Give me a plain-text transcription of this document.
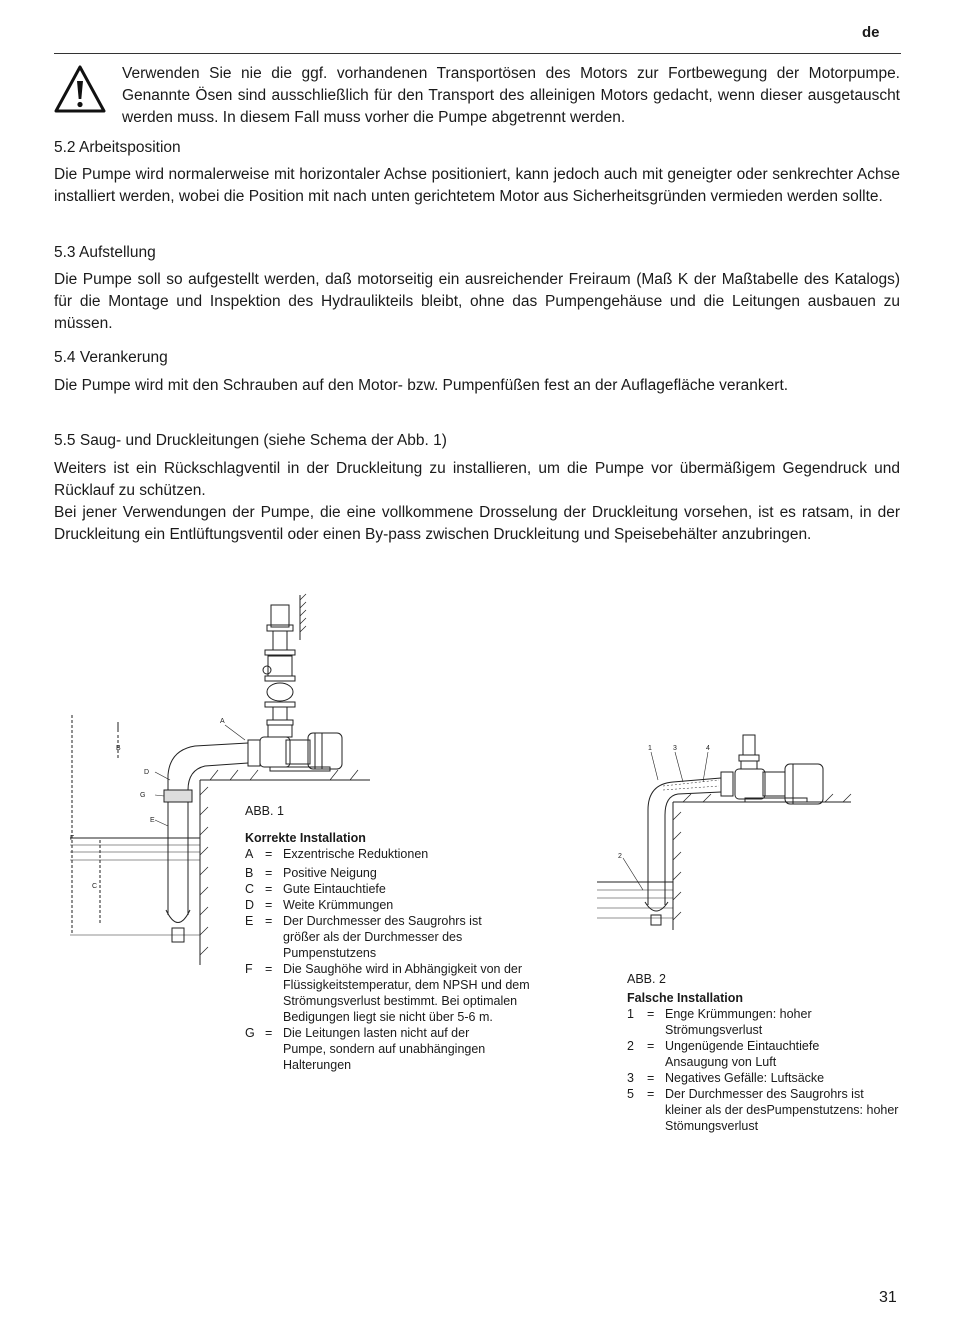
de
Verwenden Sie nie die ggf. vorhandenen Transportösen des Motors zur Fortbewegung der Motorpumpe. Genannte Ösen sind ausschließlich für den Transport des alleinigen Motors gedacht, wenn dieser ausgetauscht werden muss. In diesem Fall muss vorher die Pumpe abgetrennt werden.
5.2 Arbeitsposition

Die Pumpe wird normalerweise mit horizontaler Achse positioniert, kann jedoch auch mit geneigter oder senkrechter Achse installiert werden, wobei die Position mit nach unten gerichtetem Motor aus Sicherheitsgründen vermieden werden sollte.

5.3 Aufstellung

Die Pumpe soll so aufgestellt werden, daß motorseitig ein ausreichender Freiraum (Maß K der Maßtabelle des Katalogs) für die Montage und Inspektion des Hydraulikteils bleibt, ohne das Pumpengehäuse und die Leitungen ausbauen zu müssen.

5.4 Verankerung

Die Pumpe wird mit den Schrauben auf den Motor- bzw. Pumpenfüßen fest an der Auflagefläche verankert.

5.5 Saug- und Druckleitungen (siehe Schema der Abb. 1)

Weiters ist ein Rückschlagventil in der Druckleitung zu installieren, um die Pumpe vor übermäßigem Gegendruck und Rücklauf zu schützen.

Bei jener Verwendungen der Pumpe, die eine vollkommene Drosselung der Druckleitung vorsehen, ist es ratsam, in der Druckleitung ein Entlüftungsventil oder einen By-pass zwischen Druckleitung und Speisebehälter anzubringen.

A
B
D
G
E
F
C
1	3	4
2

ABB. 1

Korrekte Installation

A = Exzentrische Reduktionen
B = Positive Neigung
C = Gute Eintauchtiefe
D = Weite Krümmungen
E = Der Durchmesser des Saugrohrs ist größer als der Durchmesser des Pumpenstutzens
F = Die Saughöhe wird in Abhängigkeit von der Flüssigkeitstemperatur, dem NPSH und dem Strömungsverlust bestimmt. Bei optimalen Bedigungen liegt sie nicht über 5-6 m.
G = Die Leitungen lasten nicht auf der Pumpe, sondern auf unabhängingen Halterungen

ABB. 2

Falsche Installation

1	= Enge Krümmungen: hoher Strömungsverlust
2	= Ungenügende Eintauchtiefe Ansaugung von Luft
3	= Negatives Gefälle: Luftsäcke
5	= Der Durchmesser des Saugrohrs ist kleiner als der desPumpenstutzens: hoher Stömungsverlust
31
